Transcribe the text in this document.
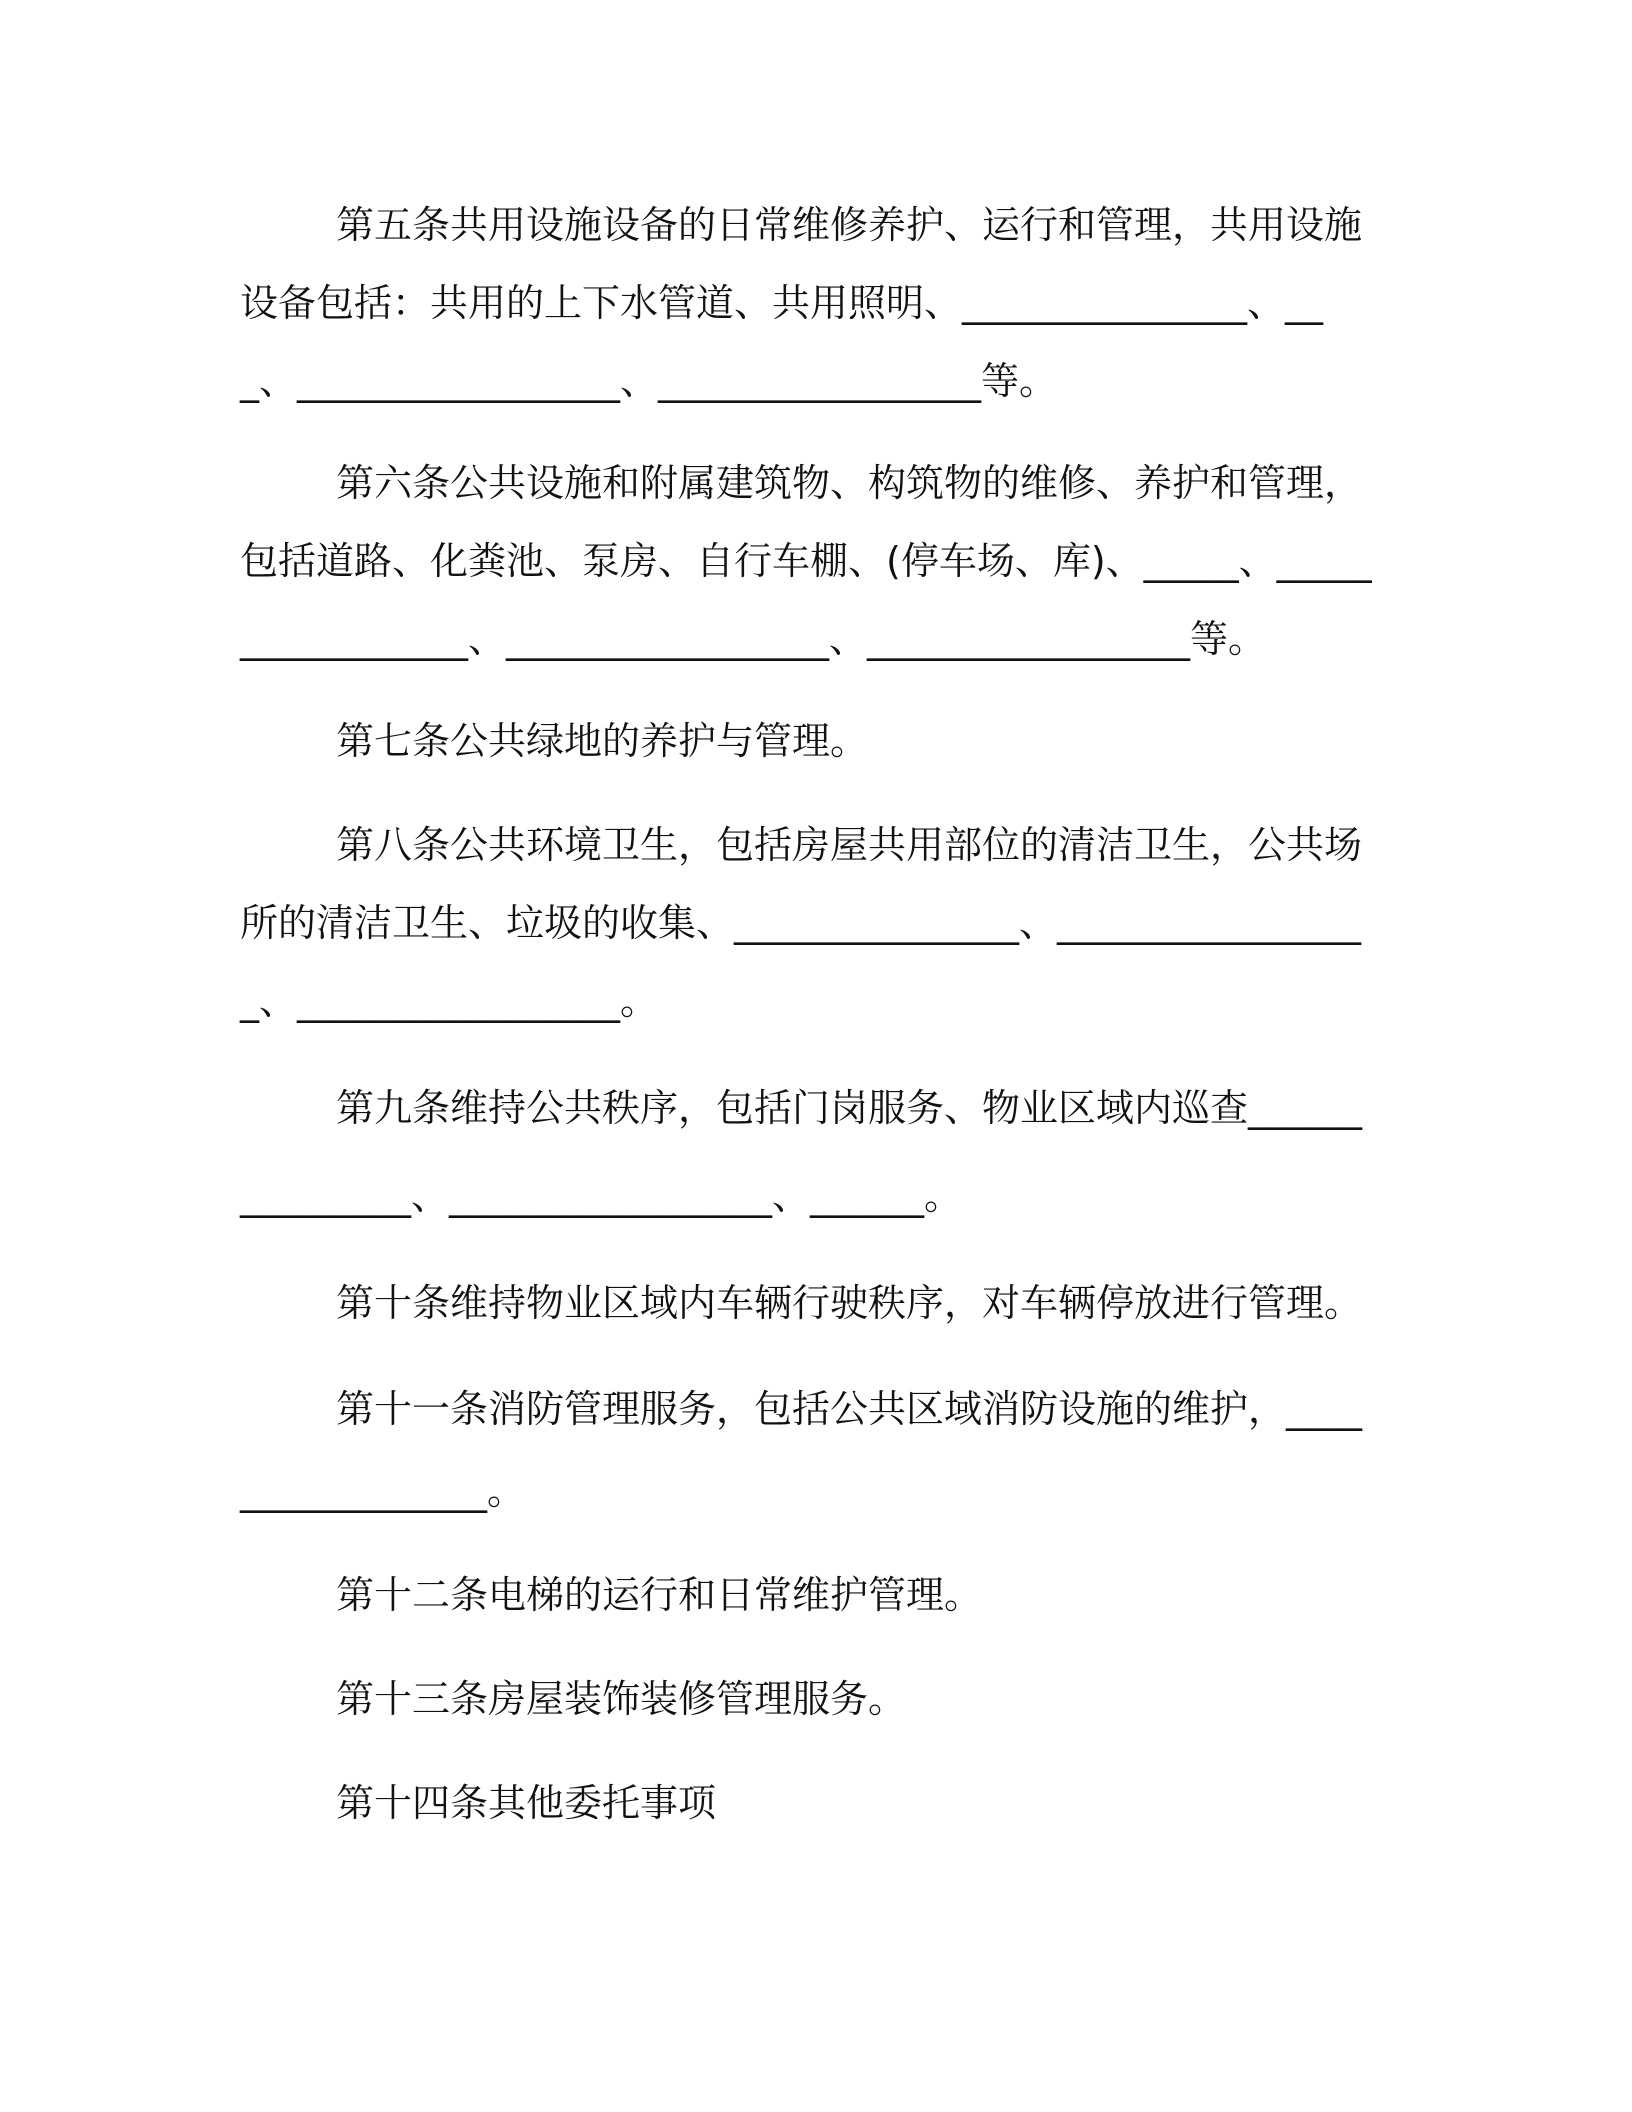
第五条共用设施设备的日常维修养护、运行和管理，共用设施设备包括：共用的上下水管道、共用照明、_______________、___、_________________、_________________等。

第六条公共设施和附属建筑物、构筑物的维修、养护和管理，包括道路、化粪池、泵房、自行车棚、(停车场、库)、_____、_________________、_________________、_________________等。

第七条公共绿地的养护与管理。

第八条公共环境卫生，包括房屋共用部位的清洁卫生，公共场所的清洁卫生、垃圾的收集、_______________、_________________、_________________。

第九条维持公共秩序，包括门岗服务、物业区域内巡查_______________、_________________、______。

第十条维持物业区域内车辆行驶秩序，对车辆停放进行管理。

第十一条消防管理服务，包括公共区域消防设施的维护，_________________。

第十二条电梯的运行和日常维护管理。

第十三条房屋装饰装修管理服务。

第十四条其他委托事项
